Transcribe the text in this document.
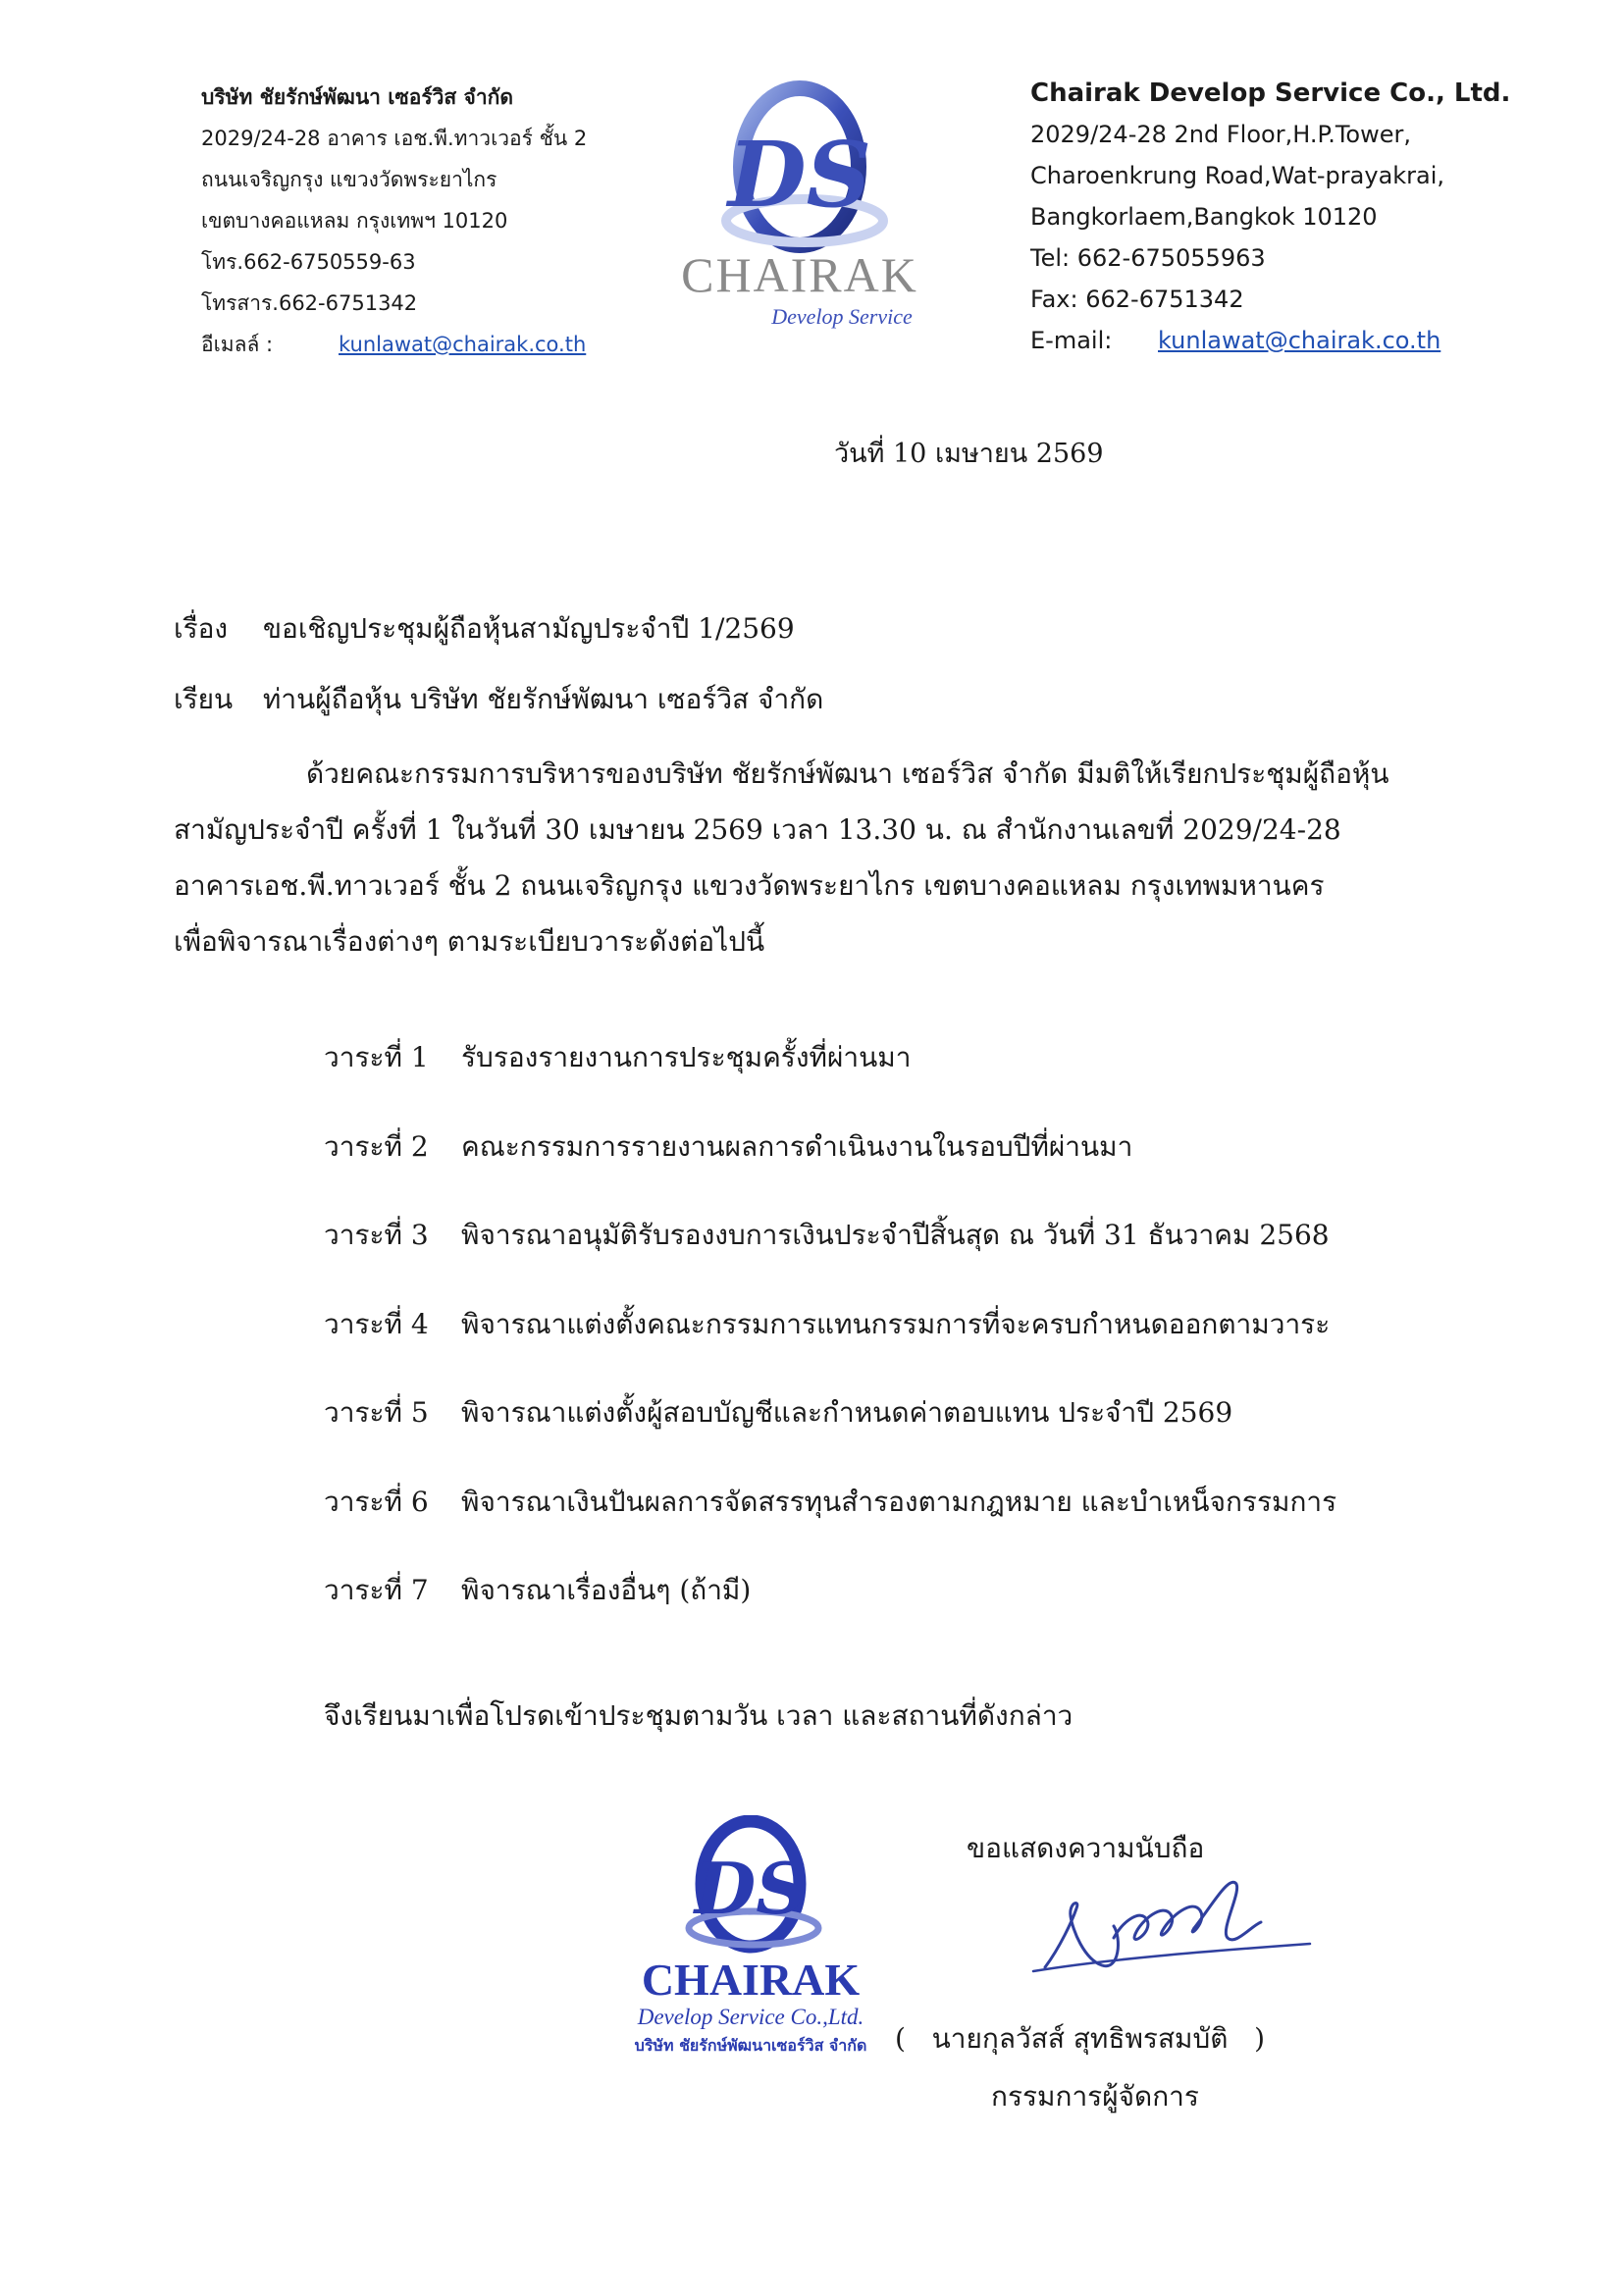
บริษัท ชัยรักษ์พัฒนา เซอร์วิส จำกัด
2029/24-28 อาคาร เอช.พี.ทาวเวอร์ ชั้น 2
ถนนเจริญกรุง แขวงวัดพระยาไกร
เขตบางคอแหลม กรุงเทพฯ 10120
โทร.662-6750559-63
โทรสาร.662-6751342
อีเมลล์ :	kunlawat@chairak.co.th
DS
CHAIRAK
Develop Service
Chairak Develop Service Co., Ltd.
2029/24-28 2nd Floor,H.P.Tower,
Charoenkrung Road,Wat-prayakrai,
Bangkorlaem,Bangkok 10120
Tel: 662-675055963
Fax: 662-6751342
E-mail:	kunlawat@chairak.co.th
วันที่ 10 เมษายน 2569
เรื่อง ขอเชิญประชุมผู้ถือหุ้นสามัญประจำปี 1/2569
เรียน ท่านผู้ถือหุ้น บริษัท ชัยรักษ์พัฒนา เซอร์วิส จำกัด
ด้วยคณะกรรมการบริหารของบริษัท ชัยรักษ์พัฒนา เซอร์วิส จำกัด มีมติให้เรียกประชุมผู้ถือหุ้น
สามัญประจำปี ครั้งที่ 1 ในวันที่ 30 เมษายน 2569 เวลา 13.30 น. ณ สำนักงานเลขที่ 2029/24-28
อาคารเอช.พี.ทาวเวอร์ ชั้น 2 ถนนเจริญกรุง แขวงวัดพระยาไกร เขตบางคอแหลม กรุงเทพมหานคร
เพื่อพิจารณาเรื่องต่างๆ ตามระเบียบวาระดังต่อไปนี้
วาระที่ 1	รับรองรายงานการประชุมครั้งที่ผ่านมา
วาระที่ 2	คณะกรรมการรายงานผลการดำเนินงานในรอบปีที่ผ่านมา
วาระที่ 3	พิจารณาอนุมัติรับรองงบการเงินประจำปีสิ้นสุด ณ วันที่ 31 ธันวาคม 2568
วาระที่ 4	พิจารณาแต่งตั้งคณะกรรมการแทนกรรมการที่จะครบกำหนดออกตามวาระ
วาระที่ 5	พิจารณาแต่งตั้งผู้สอบบัญชีและกำหนดค่าตอบแทน ประจำปี 2569
วาระที่ 6	พิจารณาเงินปันผลการจัดสรรทุนสำรองตามกฎหมาย และบำเหน็จกรรมการ
วาระที่ 7	พิจารณาเรื่องอื่นๆ (ถ้ามี)
จึงเรียนมาเพื่อโปรดเข้าประชุมตามวัน เวลา และสถานที่ดังกล่าว
DS
CHAIRAK
Develop Service Co.,Ltd.
บริษัท ชัยรักษ์พัฒนาเซอร์วิส จำกัด
ขอแสดงความนับถือ
(   นายกุลวัสส์ สุทธิพรสมบัติ   )
กรรมการผู้จัดการ
